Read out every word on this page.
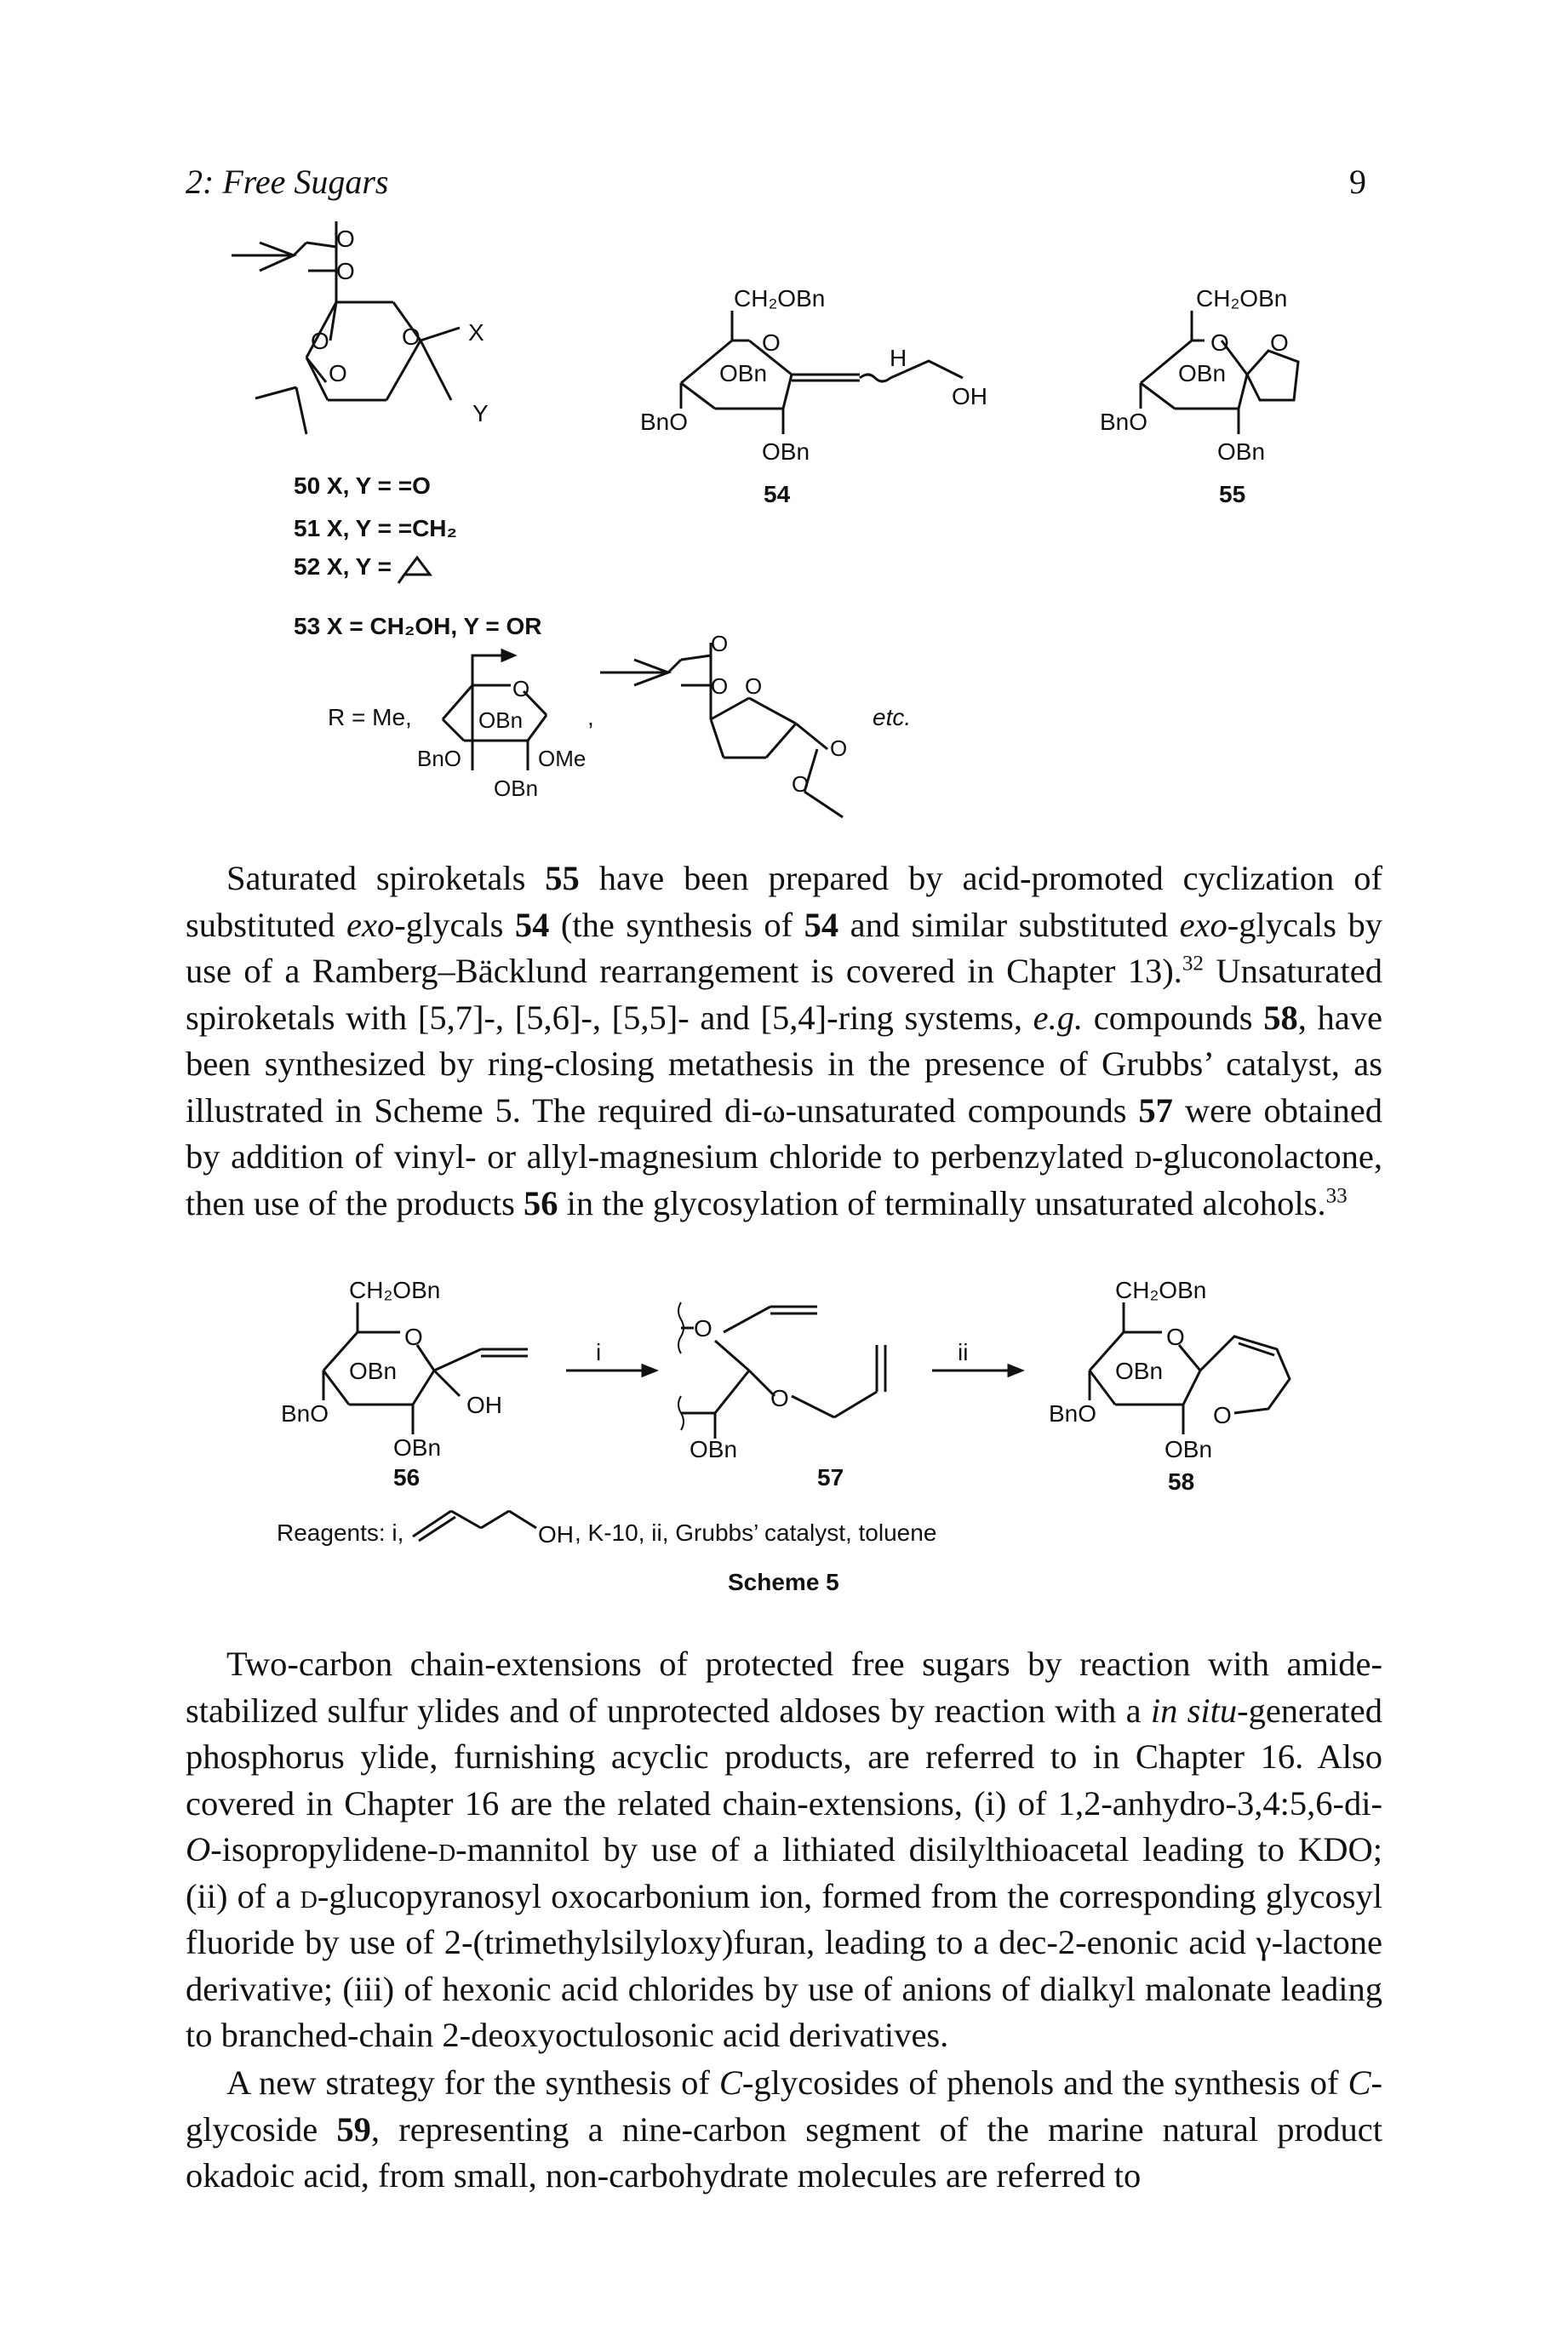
2: Free Sugars	9
O
O
O
O
O X
Y
50 X, Y = =O
51 X, Y = =CH₂
52 X, Y =
53 X = CH₂OH, Y = OR
CH₂OBn
O
OBn
BnO
H
OH
OBn
54
CH₂OBn
O O
OBn
BnO
OBn
55
R = Me,
O
OBn
BnO	OMe
OBn
,
O
O O
O
O
etc.

Saturated spiroketals 55 have been prepared by acid-promoted cyclization of substituted exo-glycals 54 (the synthesis of 54 and similar substituted exo-glycals by use of a Ramberg–Bäcklund rearrangement is covered in Chapter 13).$^{32}$ Unsaturated spiroketals with [5,7]-, [5,6]-, [5,5]- and [5,4]-ring systems, e.g. compounds 58, have been synthesized by ring-closing metathesis in the presence of Grubbs’ catalyst, as illustrated in Scheme 5. The required di-ω-unsaturated compounds 57 were obtained by addition of vinyl- or allyl-magnesium chloride to perbenzylated d-gluconolactone, then use of the products 56 in the glycosylation of terminally unsaturated alcohols.$^{33}$

CH₂OBn
O
OBn
BnO	OH
OBn
56
i
O
O
OBn
57
ii
CH₂OBn
O
O
OBn
BnO
OBn
58
Reagents: i,	OH , K-10, ii, Grubbs’ catalyst, toluene
Scheme 5

Two-carbon chain-extensions of protected free sugars by reaction with amide-stabilized sulfur ylides and of unprotected aldoses by reaction with a in situ-generated phosphorus ylide, furnishing acyclic products, are referred to in Chapter 16. Also covered in Chapter 16 are the related chain-extensions, (i) of 1,2-anhydro-3,4:5,6-di-O-isopropylidene-d-mannitol by use of a lithiated disilylthioacetal leading to KDO; (ii) of a d-glucopyranosyl oxocarbonium ion, formed from the corresponding glycosyl fluoride by use of 2-(trimethylsilyloxy)furan, leading to a dec-2-enonic acid γ-lactone derivative; (iii) of hexonic acid chlorides by use of anions of dialkyl malonate leading to branched-chain 2-deoxyoctulosonic acid derivatives.

A new strategy for the synthesis of C-glycosides of phenols and the synthesis of C-glycoside 59, representing a nine-carbon segment of the marine natural product okadoic acid, from small, non-carbohydrate molecules are referred to
